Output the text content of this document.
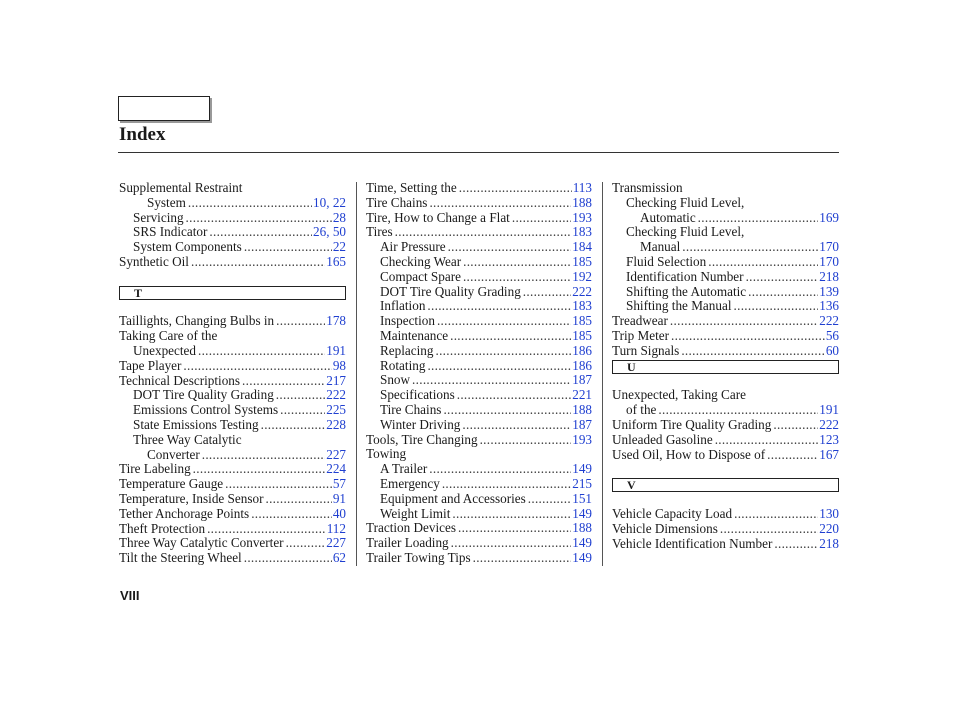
Index
Supplemental Restraint
System .....	10, 22
Servicing .....	28
SRS Indicator .....	26, 50
System Components .....	22
Synthetic Oil .....	165
T
Taillights, Changing Bulbs in .....	178
Taking Care of the
Unexpected .....	191
Tape Player .....	98
Technical Descriptions .....	217
DOT Tire Quality Grading .....	222
Emissions Control Systems .....	225
State Emissions Testing .....	228
Three Way Catalytic
Converter .....	227
Tire Labeling .....	224
Temperature Gauge .....	57
Temperature, Inside Sensor .....	91
Tether Anchorage Points .....	40
Theft Protection .....	112
Three Way Catalytic Converter .....	227
Tilt the Steering Wheel .....	62
Time, Setting the .....	113
Tire Chains .....	188
Tire, How to Change a Flat .....	193
Tires .....	183
Air Pressure .....	184
Checking Wear .....	185
Compact Spare .....	192
DOT Tire Quality Grading .....	222
Inflation .....	183
Inspection .....	185
Maintenance .....	185
Replacing .....	186
Rotating .....	186
Snow .....	187
Specifications .....	221
Tire Chains .....	188
Winter Driving .....	187
Tools, Tire Changing .....	193
Towing
A Trailer .....	149
Emergency .....	215
Equipment and Accessories .....	151
Weight Limit .....	149
Traction Devices .....	188
Trailer Loading .....	149
Trailer Towing Tips .....	149
Transmission
Checking Fluid Level,
Automatic .....	169
Checking Fluid Level,
Manual .....	170
Fluid Selection .....	170
Identification Number .....	218
Shifting the Automatic .....	139
Shifting the Manual .....	136
Treadwear .....	222
Trip Meter .....	56
Turn Signals .....	60
U
Unexpected, Taking Care
of the .....	191
Uniform Tire Quality Grading .....	222
Unleaded Gasoline .....	123
Used Oil, How to Dispose of .....	167
V
Vehicle Capacity Load .....	130
Vehicle Dimensions .....	220
Vehicle Identification Number .....	218
VIII
